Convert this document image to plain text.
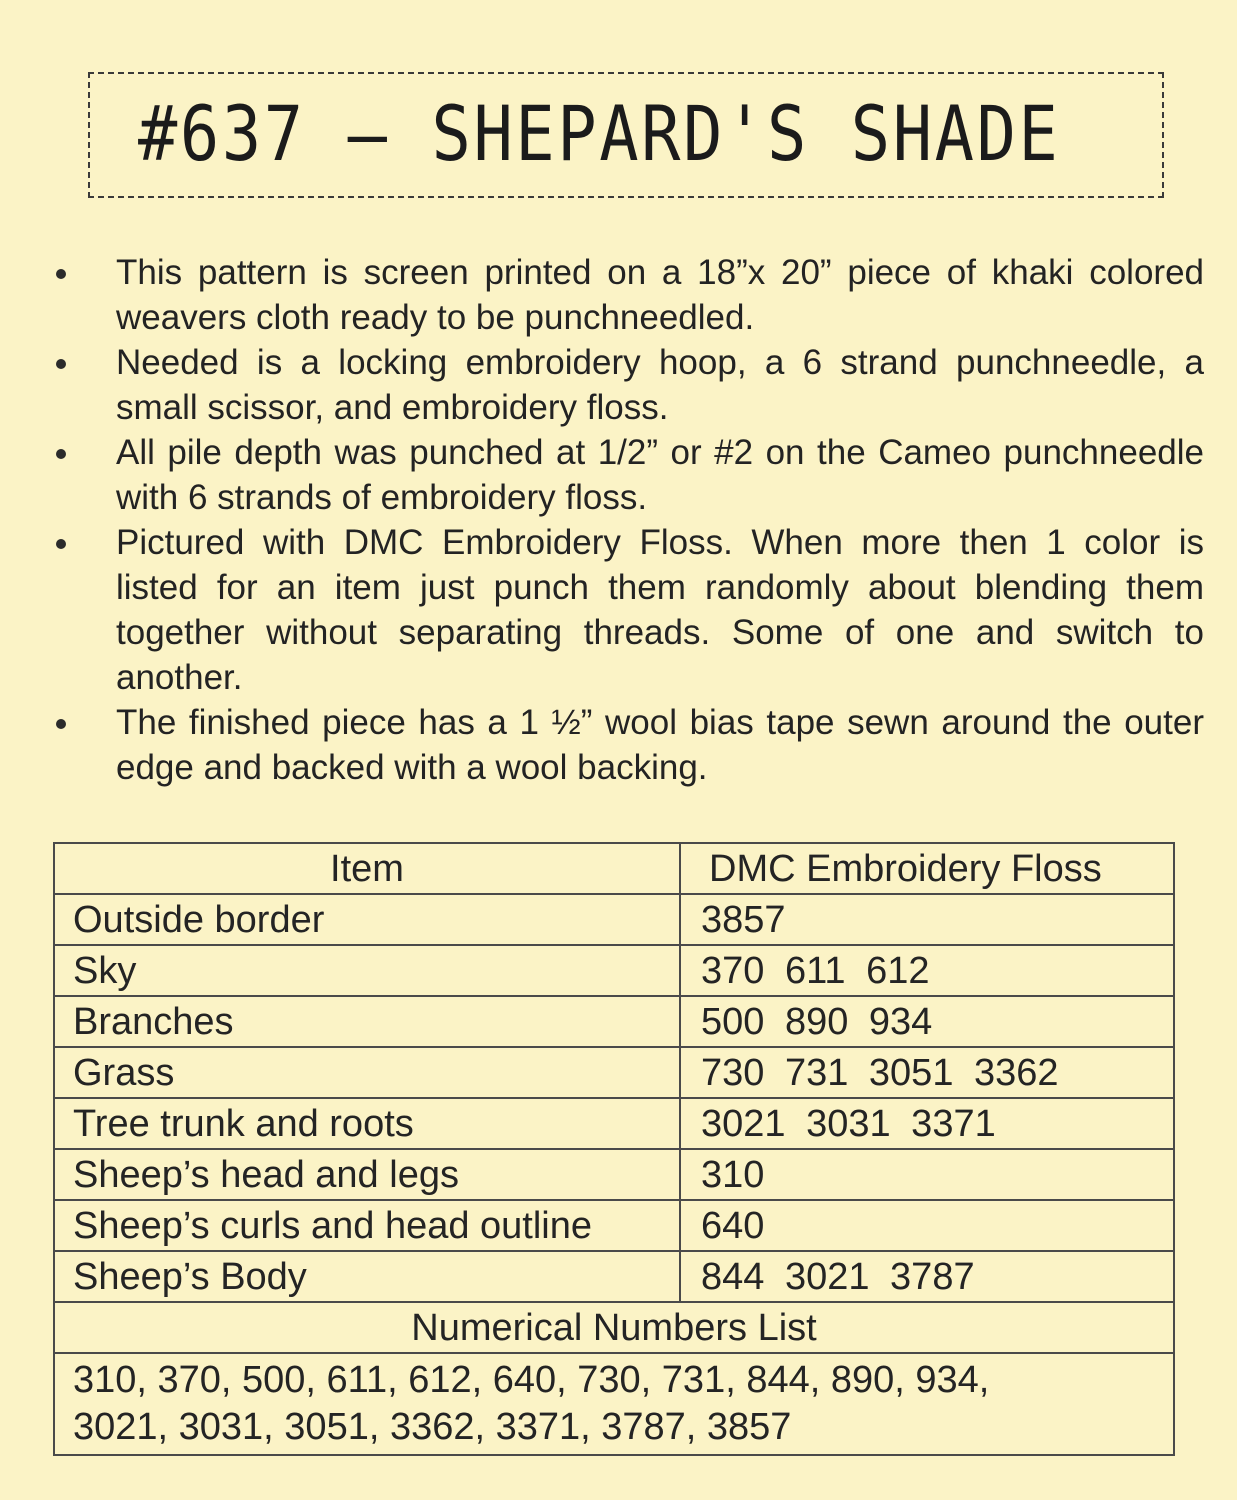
#637 – SHEPARD'S SHADE
This pattern is screen printed on a 18”x 20” piece of khaki colored weavers cloth ready to be punchneedled.
Needed is a locking embroidery hoop, a 6 strand punchneedle, a small scissor, and embroidery floss.
All pile depth was punched at 1/2” or #2 on the Cameo punchneedle with 6 strands of embroidery floss.
Pictured with DMC Embroidery Floss. When more then 1 color is listed for an item just punch them randomly about blending them together without separating threads. Some of one and switch to another.
The finished piece has a 1 ½” wool bias tape sewn around the outer edge and backed with a wool backing.
Item	DMC Embroidery Floss
Outside border	3857
Sky	370 611 612
Branches	500 890 934
Grass	730 731 3051 3362
Tree trunk and roots	3021 3031 3371
Sheep’s head and legs	310
Sheep’s curls and head outline	640
Sheep’s Body	844 3021 3787
Numerical Numbers List	

310, 370, 500, 611, 612, 640, 730, 731, 844, 890, 934,
3021, 3031, 3051, 3362, 3371, 3787, 3857	
